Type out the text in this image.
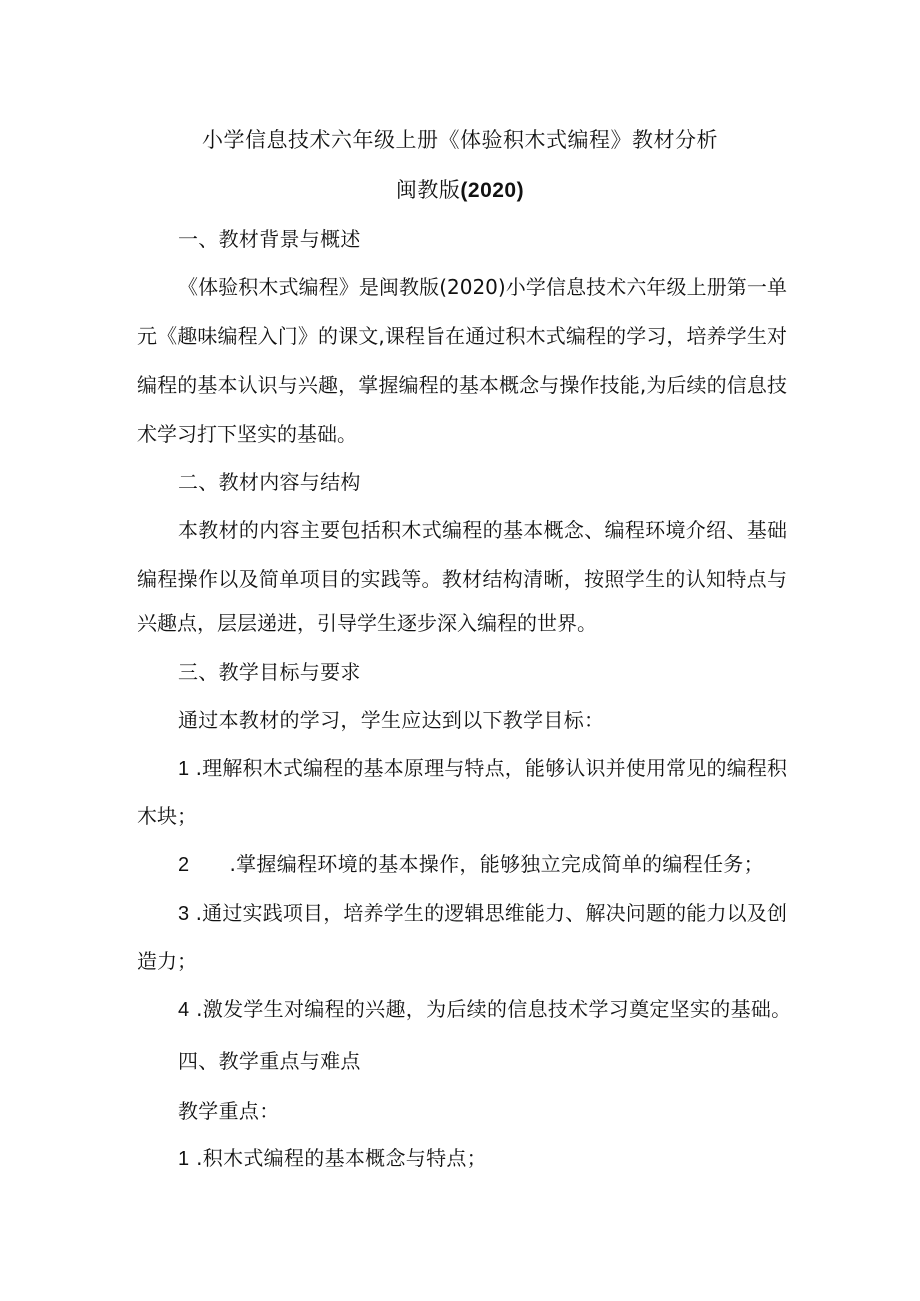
小学信息技术六年级上册《体验积木式编程》教材分析
闽教版(2020)
一、教材背景与概述
《体验积木式编程》是闽教版(2020)小学信息技术六年级上册第一单
元《趣味编程入门》的课文,课程旨在通过积木式编程的学习，培养学生对
编程的基本认识与兴趣，掌握编程的基本概念与操作技能,为后续的信息技
术学习打下坚实的基础。
二、教材内容与结构
本教材的内容主要包括积木式编程的基本概念、编程环境介绍、基础
编程操作以及简单项目的实践等。教材结构清晰，按照学生的认知特点与
兴趣点，层层递进，引导学生逐步深入编程的世界。
三、教学目标与要求
通过本教材的学习，学生应达到以下教学目标：
1 .理解积木式编程的基本原理与特点，能够认识并使用常见的编程积
木块；
2 .掌握编程环境的基本操作，能够独立完成简单的编程任务；
3 .通过实践项目，培养学生的逻辑思维能力、解决问题的能力以及创
造力；
4 .激发学生对编程的兴趣，为后续的信息技术学习奠定坚实的基础。
四、教学重点与难点
教学重点：
1 .积木式编程的基本概念与特点；
